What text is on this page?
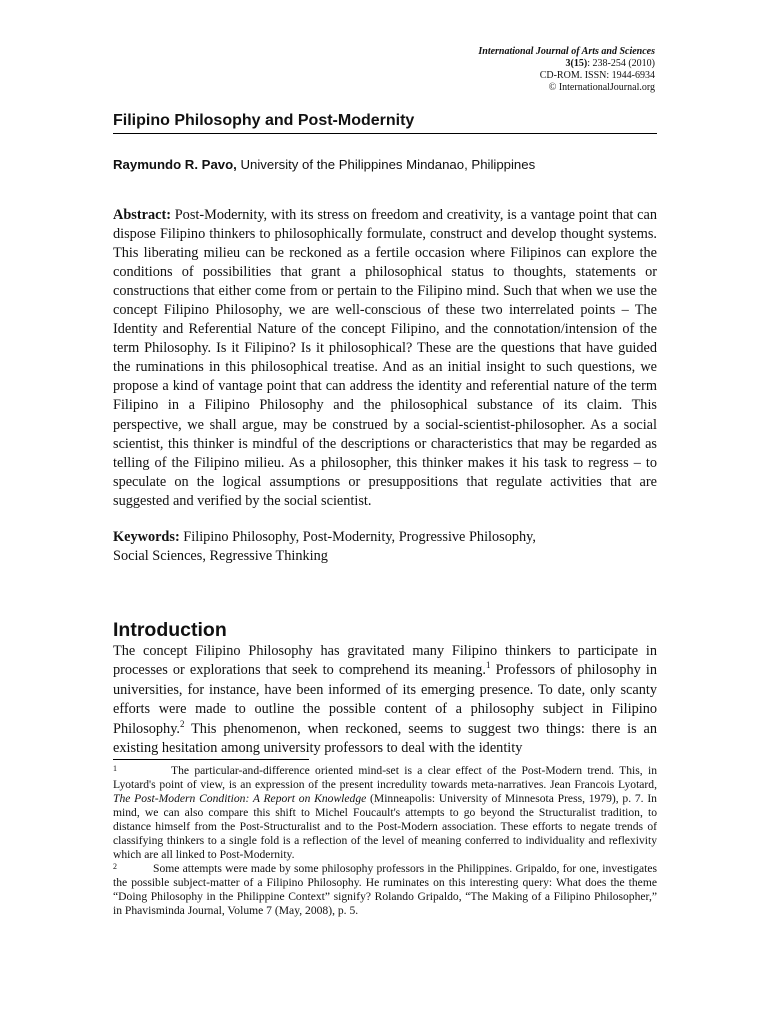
International Journal of Arts and Sciences
3(15): 238-254 (2010)
CD-ROM. ISSN: 1944-6934
© InternationalJournal.org
Filipino Philosophy and Post-Modernity
Raymundo R. Pavo, University of the Philippines Mindanao, Philippines

Abstract: Post-Modernity, with its stress on freedom and creativity, is a vantage point that can dispose Filipino thinkers to philosophically formulate, construct and develop thought systems. This liberating milieu can be reckoned as a fertile occasion where Filipinos can explore the conditions of possibilities that grant a philosophical status to thoughts, statements or constructions that either come from or pertain to the Filipino mind. Such that when we use the concept Filipino Philosophy, we are well-conscious of these two interrelated points – The Identity and Referential Nature of the concept Filipino, and the connotation/intension of the term Philosophy. Is it Filipino? Is it philosophical? These are the questions that have guided the ruminations in this philosophical treatise. And as an initial insight to such questions, we propose a kind of vantage point that can address the identity and referential nature of the term Filipino in a Filipino Philosophy and the philosophical substance of its claim. This perspective, we shall argue, may be construed by a social-scientist-philosopher. As a social scientist, this thinker is mindful of the descriptions or characteristics that may be regarded as telling of the Filipino milieu. As a philosopher, this thinker makes it his task to regress – to speculate on the logical assumptions or presuppositions that regulate activities that are suggested and verified by the social scientist.

Keywords: Filipino Philosophy, Post-Modernity, Progressive Philosophy,
Social Sciences, Regressive Thinking

Introduction

The concept Filipino Philosophy has gravitated many Filipino thinkers to participate in processes or explorations that seek to comprehend its meaning.$^1$ Professors of philosophy in universities, for instance, have been informed of its emerging presence. To date, only scanty efforts were made to outline the possible content of a philosophy subject in Filipino Philosophy.$^2$ This phenomenon, when reckoned, seems to suggest two things: there is an existing hesitation among university professors to deal with the identity

1	The particular-and-difference oriented mind-set is a clear effect of the Post-Modern trend. This, in Lyotard's point of view, is an expression of the present incredulity towards meta-narratives. Jean Francois Lyotard, The Post-Modern Condition: A Report on Knowledge (Minneapolis: University of Minnesota Press, 1979), p. 7. In mind, we can also compare this shift to Michel Foucault's attempts to go beyond the Structuralist tradition, to distance himself from the Post-Structuralist and to the Post-Modern association. These efforts to negate trends of classifying thinkers to a single fold is a reflection of the level of meaning conferred to individuality and reflexivity which are all linked to Post-Modernity.

2	Some attempts were made by some philosophy professors in the Philippines. Gripaldo, for one, investigates the possible subject-matter of a Filipino Philosophy. He ruminates on this interesting query: What does the theme “Doing Philosophy in the Philippine Context” signify? Rolando Gripaldo, “The Making of a Filipino Philosopher,” in Phavisminda Journal, Volume 7 (May, 2008), p. 5.
